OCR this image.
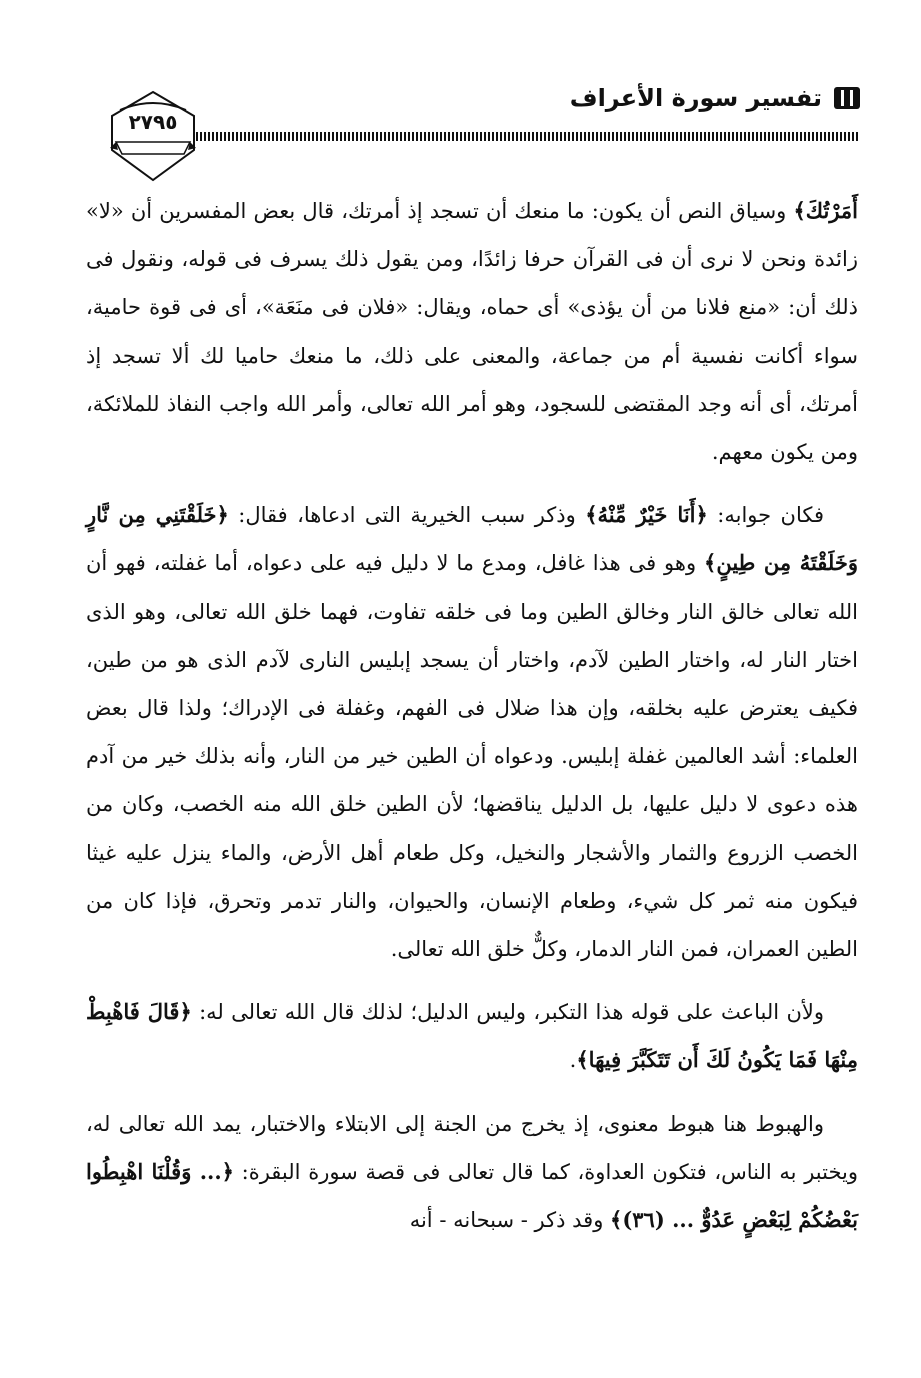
تفسير سورة الأعراف
٢٧٩٥

أَمَرْتُكَ﴾ وسياق النص أن يكون: ما منعك أن تسجد إذ أمرتك، قال بعض المفسرين أن «لا» زائدة ونحن لا نرى أن فى القرآن حرفا زائدًا، ومن يقول ذلك يسرف فى قوله، ونقول فى ذلك أن: «منع فلانا من أن يؤذى» أى حماه، ويقال: «فلان فى منَعَة»، أى فى قوة حامية، سواء أكانت نفسية أم من جماعة، والمعنى على ذلك، ما منعك حاميا لك ألا تسجد إذ أمرتك، أى أنه وجد المقتضى للسجود، وهو أمر الله تعالى، وأمر الله واجب النفاذ للملائكة، ومن يكون معهم.

فكان جوابه: ﴿أَنَا خَيْرٌ مِّنْهُ﴾ وذكر سبب الخيرية التى ادعاها، فقال: ﴿خَلَقْتَنِي مِن نَّارٍ وَخَلَقْتَهُ مِن طِينٍ﴾ وهو فى هذا غافل، ومدع ما لا دليل فيه على دعواه، أما غفلته، فهو أن الله تعالى خالق النار وخالق الطين وما فى خلقه تفاوت، فهما خلق الله تعالى، وهو الذى اختار النار له، واختار الطين لآدم، واختار أن يسجد إبليس النارى لآدم الذى هو من طين، فكيف يعترض عليه بخلقه، وإن هذا ضلال فى الفهم، وغفلة فى الإدراك؛ ولذا قال بعض العلماء: أشد العالمين غفلة إبليس. ودعواه أن الطين خير من النار، وأنه بذلك خير من آدم هذه دعوى لا دليل عليها، بل الدليل يناقضها؛ لأن الطين خلق الله منه الخصب، وكان من الخصب الزروع والثمار والأشجار والنخيل، وكل طعام أهل الأرض، والماء ينزل عليه غيثا فيكون منه ثمر كل شيء، وطعام الإنسان، والحيوان، والنار تدمر وتحرق، فإذا كان من الطين العمران، فمن النار الدمار، وكلٌّ خلق الله تعالى.

ولأن الباعث على قوله هذا التكبر، وليس الدليل؛ لذلك قال الله تعالى له: ﴿قَالَ فَاهْبِطْ مِنْهَا فَمَا يَكُونُ لَكَ أَن تَتَكَبَّرَ فِيهَا﴾.

والهبوط هنا هبوط معنوى، إذ يخرج من الجنة إلى الابتلاء والاختبار، يمد الله تعالى له، ويختبر به الناس، فتكون العداوة، كما قال تعالى فى قصة سورة البقرة: ﴿... وَقُلْنَا اهْبِطُوا بَعْضُكُمْ لِبَعْضٍ عَدُوٌّ ... (٣٦)﴾ وقد ذكر - سبحانه - أنه
